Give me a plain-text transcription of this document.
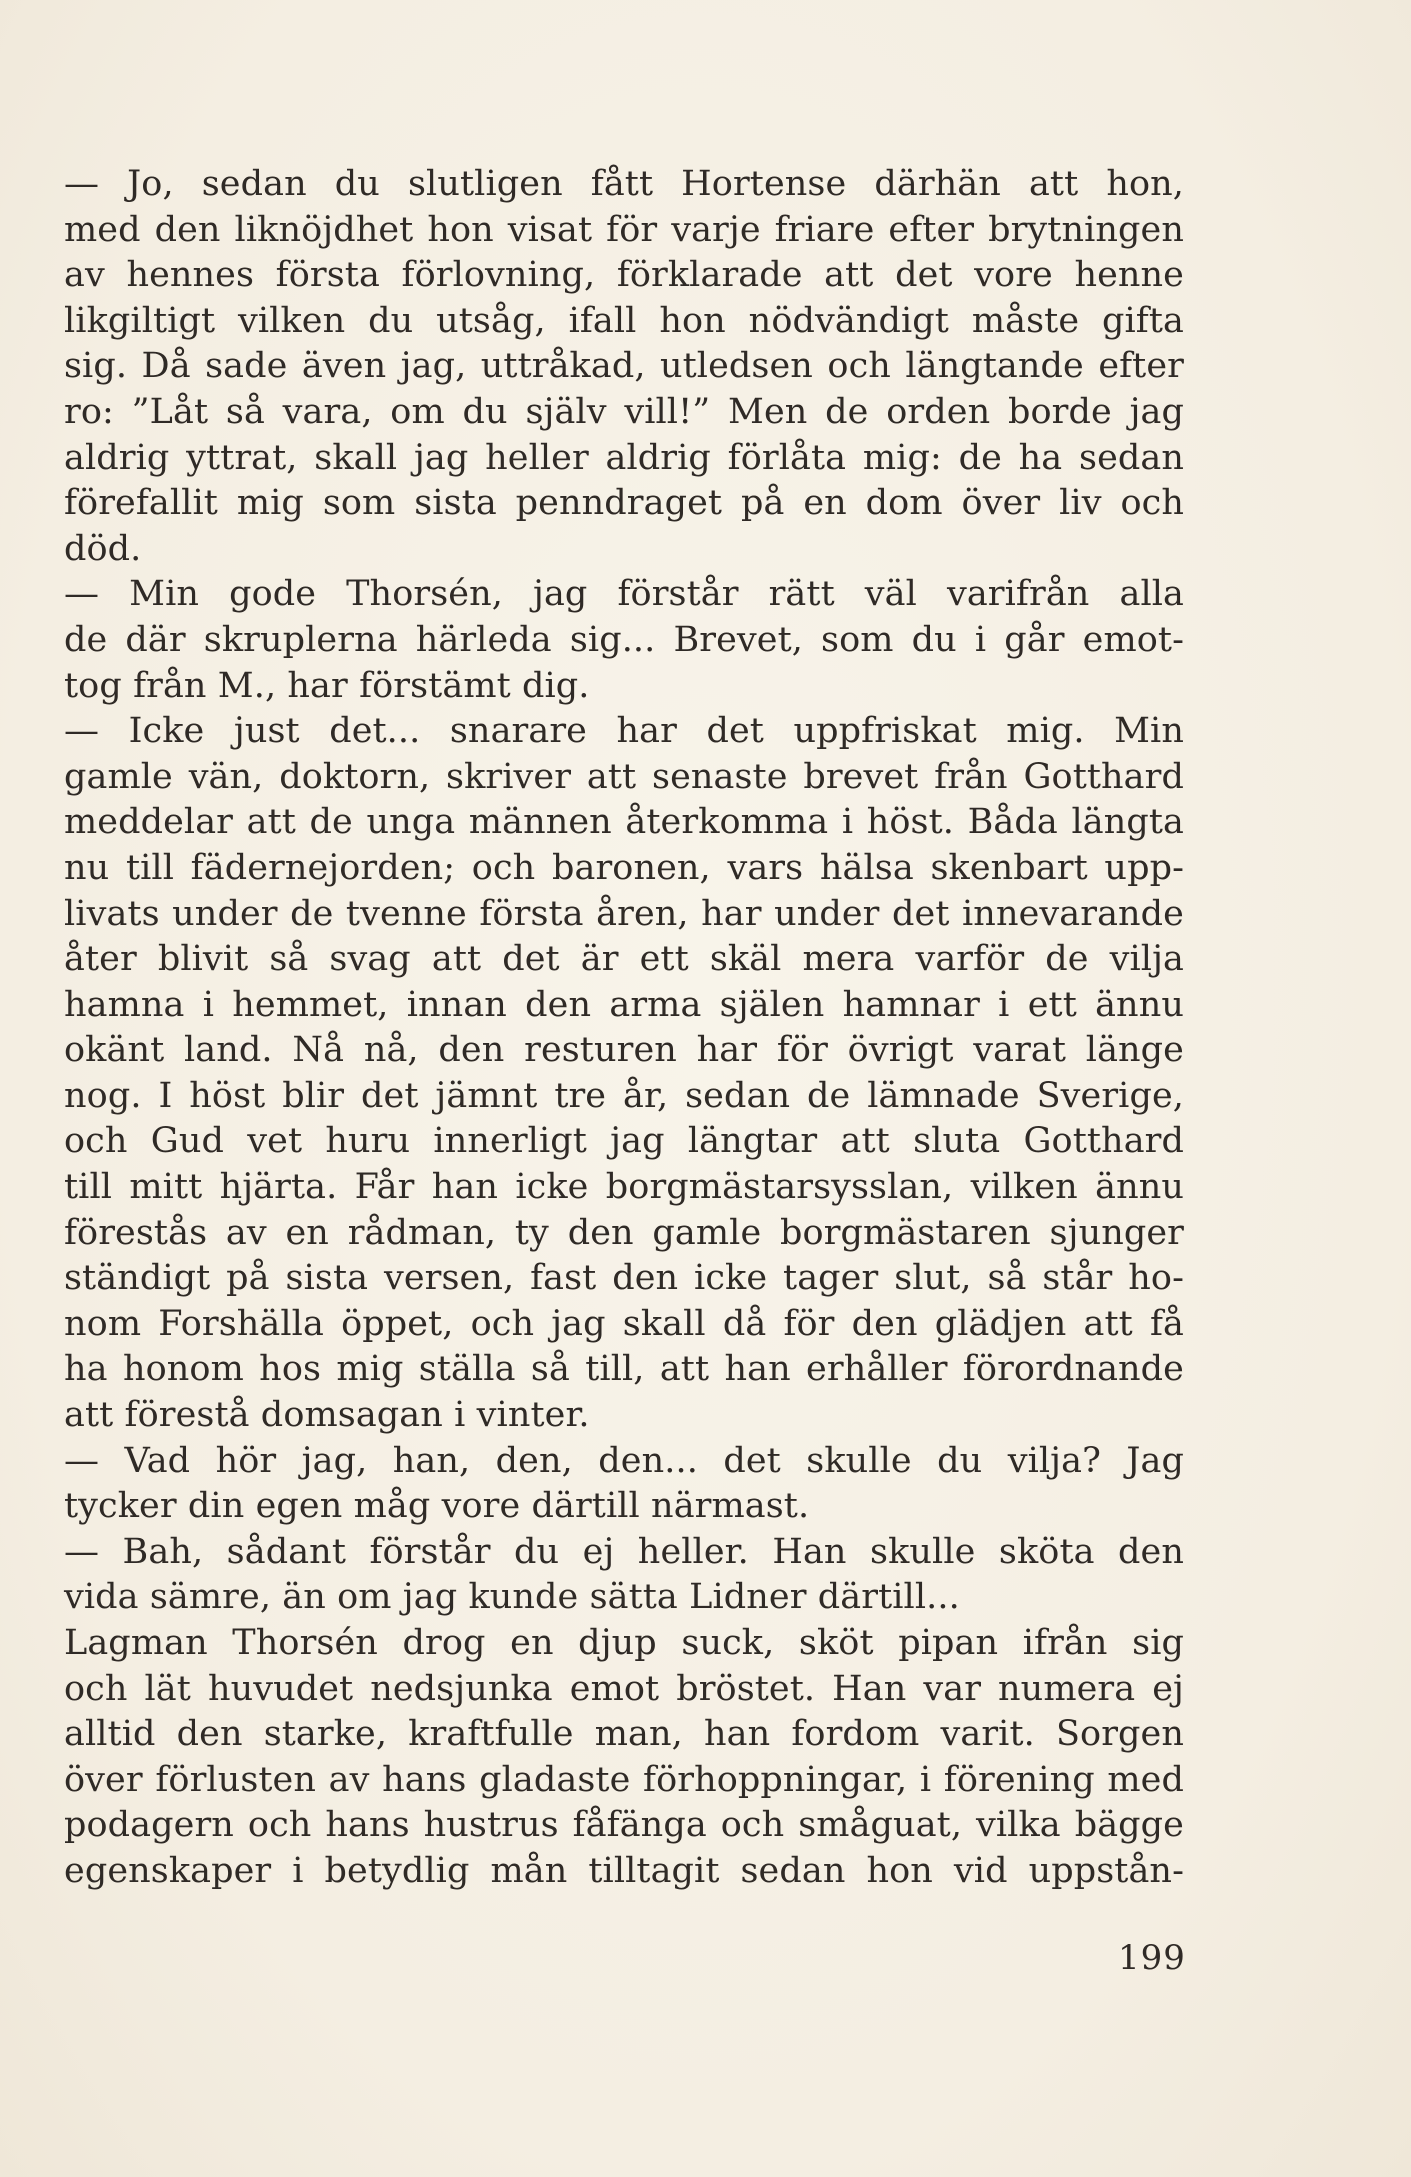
— Jo, sedan du slutligen fått Hortense därhän att hon,
med den liknöjdhet hon visat för varje friare efter brytningen
av hennes första förlovning, förklarade att det vore henne
likgiltigt vilken du utsåg, ifall hon nödvändigt måste gifta
sig. Då sade även jag, uttråkad, utledsen och längtande efter
ro: ”Låt så vara, om du själv vill!” Men de orden borde jag
aldrig yttrat, skall jag heller aldrig förlåta mig: de ha sedan
förefallit mig som sista penndraget på en dom över liv och
död.
— Min gode Thorsén, jag förstår rätt väl varifrån alla
de där skruplerna härleda sig... Brevet, som du i går emot-
tog från M., har förstämt dig.
— Icke just det... snarare har det uppfriskat mig. Min
gamle vän, doktorn, skriver att senaste brevet från Gotthard
meddelar att de unga männen återkomma i höst. Båda längta
nu till fädernejorden; och baronen, vars hälsa skenbart upp-
livats under de tvenne första åren, har under det innevarande
åter blivit så svag att det är ett skäl mera varför de vilja
hamna i hemmet, innan den arma själen hamnar i ett ännu
okänt land. Nå nå, den resturen har för övrigt varat länge
nog. I höst blir det jämnt tre år, sedan de lämnade Sverige,
och Gud vet huru innerligt jag längtar att sluta Gotthard
till mitt hjärta. Får han icke borgmästarsysslan, vilken ännu
förestås av en rådman, ty den gamle borgmästaren sjunger
ständigt på sista versen, fast den icke tager slut, så står ho-
nom Forshälla öppet, och jag skall då för den glädjen att få
ha honom hos mig ställa så till, att han erhåller förordnande
att förestå domsagan i vinter.
— Vad hör jag, han, den, den... det skulle du vilja? Jag
tycker din egen måg vore därtill närmast.
— Bah, sådant förstår du ej heller. Han skulle sköta den
vida sämre, än om jag kunde sätta Lidner därtill...
Lagman Thorsén drog en djup suck, sköt pipan ifrån sig
och lät huvudet nedsjunka emot bröstet. Han var numera ej
alltid den starke, kraftfulle man, han fordom varit. Sorgen
över förlusten av hans gladaste förhoppningar, i förening med
podagern och hans hustrus fåfänga och småguat, vilka bägge
egenskaper i betydlig mån tilltagit sedan hon vid uppstån-
199
